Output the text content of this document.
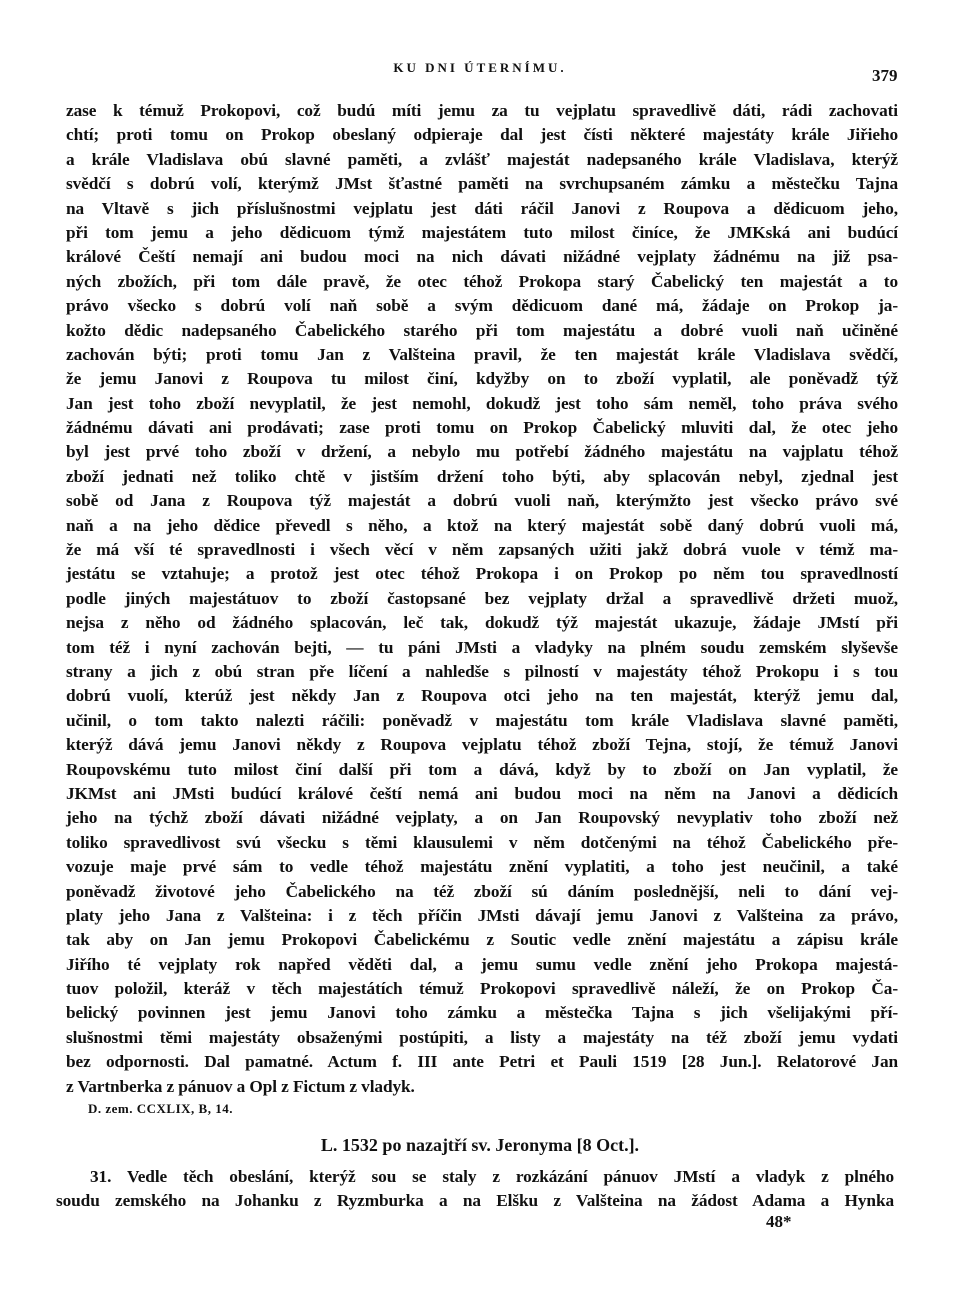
KU DNI ÚTERNÍMU.	379
zase k témuž Prokopovi, což budú míti jemu za tu vejplatu spravedlivě dáti, rádi zachovati
chtí; proti tomu on Prokop obeslaný odpieraje dal jest čísti některé majestáty krále Jiřieho
a krále Vladislava obú slavné paměti, a zvlášť majestát nadepsaného krále Vladislava, kterýž
svědčí s dobrú volí, kterýmž JMst šťastné paměti na svrchupsaném zámku a městečku Tajna
na Vltavě s jich příslušnostmi vejplatu jest dáti ráčil Janovi z Roupova a dědicuom jeho,
při tom jemu a jeho dědicuom týmž majestátem tuto milost činíce, že JMKská ani budúcí
králové Čeští nemají ani budou moci na nich dávati nižádné vejplaty žádnému na již psa-
ných zbožích, při tom dále pravě, že otec téhož Prokopa starý Čabelický ten majestát a to
právo všecko s dobrú volí naň sobě a svým dědicuom dané má, žádaje on Prokop ja-
kožto dědic nadepsaného Čabelického starého při tom majestátu a dobré vuoli naň učiněné
zachován býti; proti tomu Jan z Valšteina pravil, že ten majestát krále Vladislava svědčí,
že jemu Janovi z Roupova tu milost činí, kdyžby on to zboží vyplatil, ale poněvadž týž
Jan jest toho zboží nevyplatil, že jest nemohl, dokudž jest toho sám neměl, toho práva svého
žádnému dávati ani prodávati; zase proti tomu on Prokop Čabelický mluviti dal, že otec jeho
byl jest prvé toho zboží v držení, a nebylo mu potřebí žádného majestátu na vajplatu téhož
zboží jednati než toliko chtě v jistším držení toho býti, aby splacován nebyl, zjednal jest
sobě od Jana z Roupova týž majestát a dobrú vuoli naň, kterýmžto jest všecko právo své
naň a na jeho dědice převedl s něho, a ktož na který majestát sobě daný dobrú vuoli má,
že má vší té spravedlnosti i všech věcí v něm zapsaných užiti jakž dobrá vuole v témž ma-
jestátu se vztahuje; a protož jest otec téhož Prokopa i on Prokop po něm tou spravedlností
podle jiných majestátuov to zboží častopsané bez vejplaty držal a spravedlivě držeti muož,
nejsa z něho od žádného splacován, leč tak, dokudž týž majestát ukazuje, žádaje JMstí při
tom též i nyní zachován bejti, — tu páni JMsti a vladyky na plném soudu zemském slyševše
strany a jich z obú stran pře líčení a nahledše s pilností v majestáty téhož Prokopu i s tou
dobrú vuolí, kterúž jest někdy Jan z Roupova otci jeho na ten majestát, kterýž jemu dal,
učinil, o tom takto nalezti ráčili: poněvadž v majestátu tom krále Vladislava slavné paměti,
kterýž dává jemu Janovi někdy z Roupova vejplatu téhož zboží Tejna, stojí, že témuž Janovi
Roupovskému tuto milost činí další při tom a dává, když by to zboží on Jan vyplatil, že
JKMst ani JMsti budúcí králové čeští nemá ani budou moci na něm na Janovi a dědicích
jeho na týchž zboží dávati nižádné vejplaty, a on Jan Roupovský nevyplativ toho zboží než
toliko spravedlivost svú všecku s těmi klausulemi v něm dotčenými na téhož Čabelického pře-
vozuje maje prvé sám to vedle téhož majestátu znění vyplatiti, a toho jest neučinil, a také
poněvadž životové jeho Čabelického na též zboží sú dáním poslednější, neli to dání vej-
platy jeho Jana z Valšteina: i z těch příčin JMsti dávají jemu Janovi z Valšteina za právo,
tak aby on Jan jemu Prokopovi Čabelickému z Soutic vedle znění majestátu a zápisu krále
Jiřího té vejplaty rok napřed věděti dal, a jemu sumu vedle znění jeho Prokopa majestá-
tuov položil, kteráž v těch majestátích témuž Prokopovi spravedlivě náleží, že on Prokop Ča-
belický povinnen jest jemu Janovi toho zámku a městečka Tajna s jich všelijakými pří-
slušnostmi těmi majestáty obsaženými postúpiti, a listy a majestáty na též zboží jemu vydati
bez odpornosti. Dal pamatné. Actum f. III ante Petri et Pauli 1519 [28 Jun.]. Relatorové Jan
z Vartnberka z pánuov a Opl z Fictum z vladyk.
D. zem. CCXLIX, B, 14.
L. 1532 po nazajtří sv. Jeronyma [8 Oct.].
31. Vedle těch obeslání, kterýž sou se staly z rozkázání pánuov JMstí a vladyk z plného
soudu zemského na Johanku z Ryzmburka a na Elšku z Valšteina na žádost Adama a Hynka
48*
